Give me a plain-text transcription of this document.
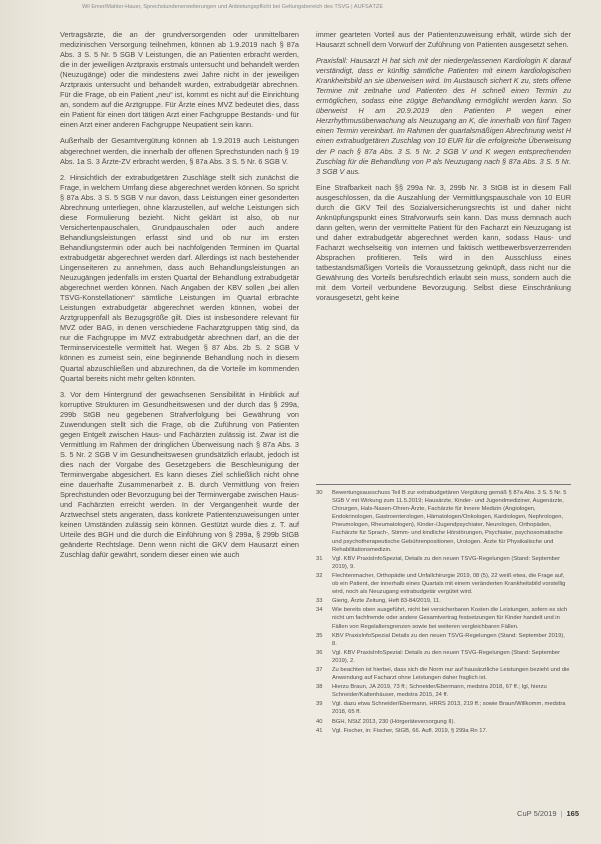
Wil Emer/Mahler-Hauer, Sprechstundenerweiterungen und Anbietungspflicht bei Geltungsbereich des TSVG | AUFSÄTZE

Vertragsärzte, die an der grundversorgenden oder unmittelbaren medizinischen Versorgung teilnehmen, können ab 1.9.2019 nach § 87a Abs. 3 S. 5 Nr. 5 SGB V Leistungen, die an Patienten erbracht werden, die in der jeweiligen Arztpraxis erstmals untersucht und behandelt werden (Neuzugänge) oder die mindestens zwei Jahre nicht in der jeweiligen Arztpraxis untersucht und behandelt wurden, extrabudgetär abrechnen. Für die Frage, ob ein Patient „neu“ ist, kommt es nicht auf die Einrichtung an, sondern auf die Arztgruppe. Für Ärzte eines MVZ bedeutet dies, dass ein Patient für einen dort tätigen Arzt einer Fachgruppe Bestands- und für einen Arzt einer anderen Fachgruppe Neupatient sein kann.

Außerhalb der Gesamtvergütung können ab 1.9.2019 auch Leistungen abgerechnet werden, die innerhalb der offenen Sprechstunden nach § 19 Abs. 1a S. 3 Ärzte-ZV erbracht werden, § 87a Abs. 3 S. 5 Nr. 6 SGB V.

2. Hinsichtlich der extrabudgetären Zuschläge stellt sich zunächst die Frage, in welchem Umfang diese abgerechnet werden können. So spricht § 87a Abs. 3 S. 5 SGB V nur davon, dass Leistungen einer gesonderten Abrechnung unterliegen, ohne klarzustellen, auf welche Leistungen sich diese Formulierung bezieht. Nicht geklärt ist also, ob nur Versichertenpauschalen, Grundpauschalen oder auch andere Behandlungsleistungen erfasst sind und ob nur im ersten Behandlungstermin oder auch bei nachfolgenden Terminen im Quartal extrabudgetär abgerechnet werden darf. Allerdings ist nach bestehender Lingenseiteren zu annehmen, dass auch Behandlungsleistungen an Neuzugängen jedenfalls im ersten Quartal der Behandlung extrabudgetär abgerechnet werden können. Nach Angaben der KBV sollen „bei allen TSVG-Konstellationen“ sämtliche Leistungen im Quartal erbrachte Leistungen extrabudgetär abgerechnet werden können, wobei der Arztgruppenfall als Bezugsgröße gilt. Dies ist insbesondere relevant für MVZ oder BAG, in denen verschiedene Facharztgruppen tätig sind, da nur die Fachgruppe im MVZ extrabudgetär abrechnen darf, an die der Terminservicestelle vermittelt hat. Wegen § 87 Abs. 2b S. 2 SGB V können es zumeist sein, eine beginnende Behandlung noch in diesem Quartal abzuschließen und abzurechnen, da die Vorteile im kommenden Quartal bereits nicht mehr gelten könnten.

3. Vor dem Hintergrund der gewachsenen Sensibilität in Hinblick auf korruptive Strukturen im Gesundheitswesen und der durch das § 299a, 299b StGB neu gegebenen Strafverfolgung bei Gewährung von Zuwendungen stellt sich die Frage, ob die Zuführung von Patienten gegen Entgelt zwischen Haus- und Fachärzten zulässig ist. Zwar ist die Vermittlung im Rahmen der dringlichen Überweisung nach § 87a Abs. 3 S. 5 Nr. 2 SGB V im Gesundheitswesen grundsätzlich erlaubt, jedoch ist dies nach der Vorgabe des Gesetzgebers die Beschleunigung der Terminvergabe abgesichert. Es kann dieses Ziel schließlich nicht ohne eine dauerhafte Zusammenarbeit z. B. durch Vermittlung von freien Sprechstunden oder Bevorzugung bei der Terminvergabe zwischen Haus- und Fachärzten erreicht werden. In der Vergangenheit wurde der Arztwechsel stets angeraten, dass konkrete Patientenzuweisungen unter keinen Umständen zulässig sein können. Gestützt wurde dies z. T. auf Urteile des BGH und die durch die Einführung von § 299a, § 299b StGB geänderte Rechtslage. Denn wenn nicht die GKV dem Hausarzt einen Zuschlag dafür gewährt, sondern dieser einen wie auch

immer gearteten Vorteil aus der Patientenzuweisung erhält, würde sich der Hausarzt schnell dem Vorwurf der Zuführung von Patienten ausgesetzt sehen.

Praxisfall: Hausarzt H hat sich mit der niedergelassenen Kardiologin K darauf verständigt, dass er künftig sämtliche Patienten mit einem kardiologischen Krankheitsbild an sie überweisen wird. Im Austausch sichert K zu, stets offene Termine mit zeitnahe und Patienten des H schnell einen Termin zu ermöglichen, sodass eine zügige Behandlung ermöglicht werden kann. So überweist H am 20.9.2019 den Patienten P wegen einer Herzrhythmusüberwachung als Neuzugang an K, die innerhalb von fünf Tagen einen Termin vereinbart. Im Rahmen der quartalsmäßigen Abrechnung weist H einen extrabudgetären Zuschlag von 10 EUR für die erfolgreiche Überweisung der P nach § 87a Abs. 3 S. 5 Nr. 2 SGB V und K wegen entsprechenden Zuschlag für die Behandlung von P als Neuzugang nach § 87a Abs. 3 S. 5 Nr. 3 SGB V aus.

Eine Strafbarkeit nach §§ 299a Nr. 3, 299b Nr. 3 StGB ist in diesem Fall ausgeschlossen, da die Auszahlung der Vermittlungspauschale von 10 EUR durch die GKV Teil des Sozialversicherungsrechts ist und daher nicht Anknüpfungspunkt eines Strafvorwurfs sein kann. Das muss demnach auch dann gelten, wenn der vermittelte Patient für den Facharzt ein Neuzugang ist und daher extrabudgetär abgerechnet werden kann, sodass Haus- und Facharzt wechselseitig von internen und faktisch wettbewerbsverzerrenden Absprachen profitieren. Teils wird in den Ausschluss eines tatbestandsmäßigen Vorteils die Voraussetzung geknüpft, dass nicht nur die Gewährung des Vorteils berufsrechtlich erlaubt sein muss, sondern auch die mit dem Vorteil verbundene Bevorzugung. Selbst diese Einschränkung vorausgesetzt, geht keine

30	Bewertungsausschuss Teil B zur extrabudgetären Vergütung gemäß § 87a Abs. 3 S. 5 Nr. 5 SGB V mit Wirkung zum 11.5.2019; Hausärzte, Kinder- und Jugendmediziner, Augenärzte, Chirurgen, Hals-Nasen-Ohren-Ärzte, Fachärzte für Innere Medizin (Angiologen, Endokrinologen, Gastroenterologen, Hämatologen/Onkologen, Kardiologen, Nephrologen, Pneumologen, Rheumatologen), Kinder-/Jugendpsychiater, Neurologen, Orthopäden, Fachärzte für Sprach-, Stimm- und kindliche Hörstörungen, Psychiater, psychosomatische und psychotherapeutische Gebührenpositionen, Urologen. Ärzte für Physikalische und Rehabilitationsmedizin.
31	Vgl. KBV PraxisInfoSpezial, Details zu den neuen TSVG-Regelungen (Stand: September 2019), 9.
32	Flechtenmacher, Orthopädie und Unfallchirurgie 2019, 08 (5), 22 weiß etwa, die Frage auf, ob ein Patient, der innerhalb eines Quartals mit einem veränderten Krankheitsbild vorstellig wird, noch als Neuzugang extrabudgetär vergütet wird.
33	Gierig, Ärzte Zeitung, Heft 83-84/2019, 11.
34	Wie bereits oben ausgeführt, nicht bei versicherbaren Kosten die Leistungen, sofern es sich nicht um fachfremde oder andere Gesamtvertrag festsetzungen für Kinder handelt und in Fällen von Regelaltersgrenzen sowie bei weiteren vergleichbaren Fällen.
35	KBV PraxisInfoSpezial Details zu den neuen TSVG-Regelungen (Stand: September 2019), 8.
36	Vgl. KBV PraxisInfoSpezial: Details zu den neuen TSVG-Regelungen (Stand: September 2019), 2.
37	Zu beachten ist hierbei, dass sich die Norm nur auf hausärztliche Leistungen bezieht und die Anwendung auf Facharzt ohne Leistungen daher fraglich ist.
38	Hierzu Braun, JA 2019, 73 ff.; Schneider/Ebermann, medstra 2018, 67 ff.; Igl, hierzu Schneider/Kaltenhäuser, medstra 2015, 24 ff.
39	Vgl. dazu etwa Schneider/Ebermann, HRRS 2013, 219 ff.; sowie Braun/Willkomm, medstra 2018, 65 ff.
40	BGH, NStZ 2013, 230 (Hörgeräteversorgung II).
41	Vgl. Fischer, in: Fischer, StGB, 66. Aufl. 2019, § 299a Rn 17.
CuP 5/2019 | 165
